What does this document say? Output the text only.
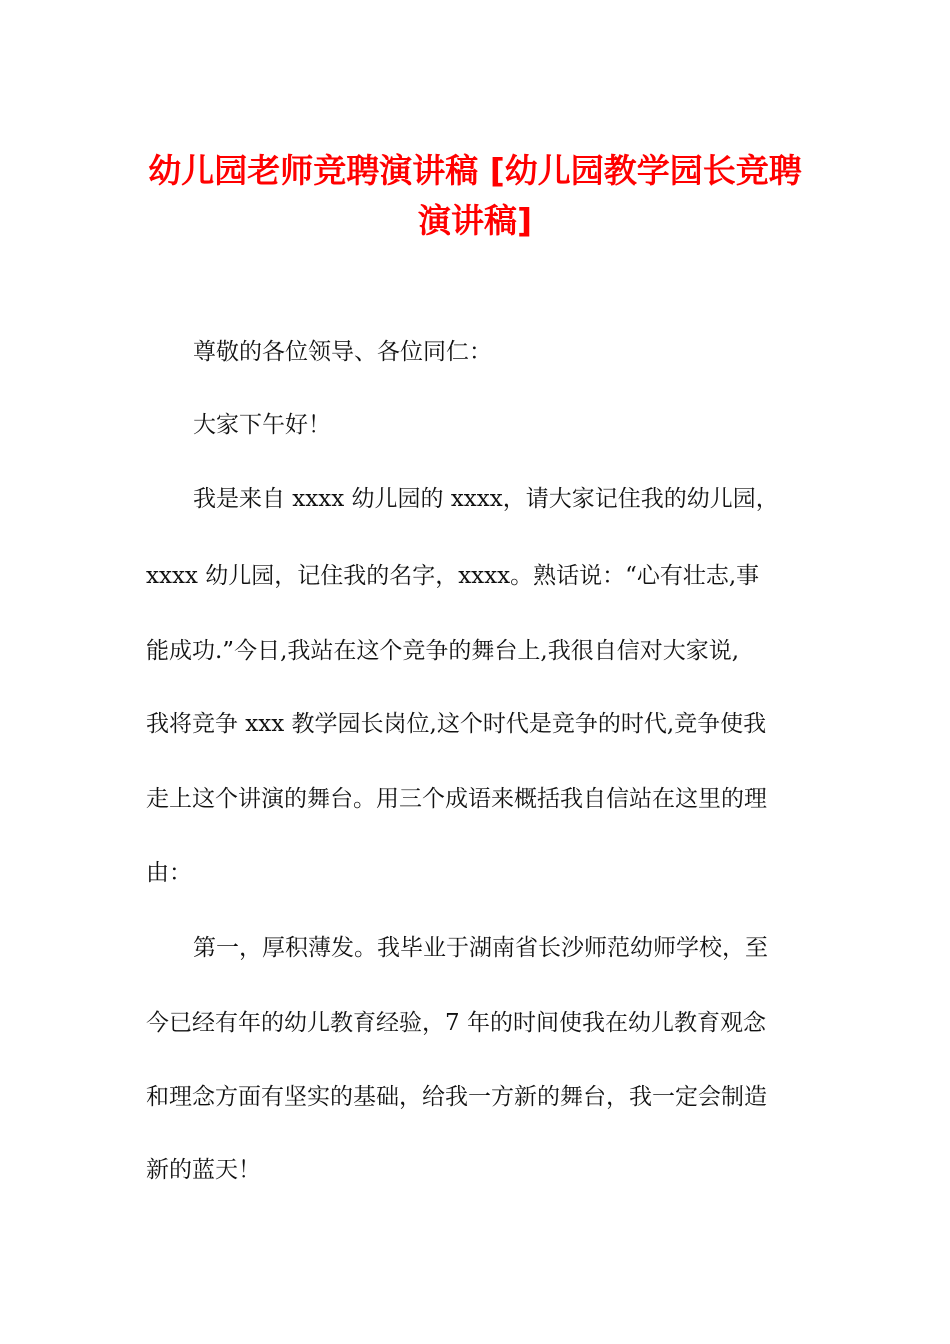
幼儿园老师竞聘演讲稿 [幼儿园教学园长竞聘
演讲稿]

尊敬的各位领导、各位同仁：

大家下午好！

我是来自 xxxx 幼儿园的 xxxx，请大家记住我的幼儿园，

xxxx 幼儿园，记住我的名字，xxxx。熟话说：“心有壮志,事

能成功.”今日,我站在这个竞争的舞台上,我很自信对大家说,

我将竞争 xxx 教学园长岗位,这个时代是竞争的时代,竞争使我

走上这个讲演的舞台。用三个成语来概括我自信站在这里的理

由：

第一，厚积薄发。我毕业于湖南省长沙师范幼师学校，至

今已经有年的幼儿教育经验，7 年的时间使我在幼儿教育观念

和理念方面有坚实的基础，给我一方新的舞台，我一定会制造

新的蓝天！
